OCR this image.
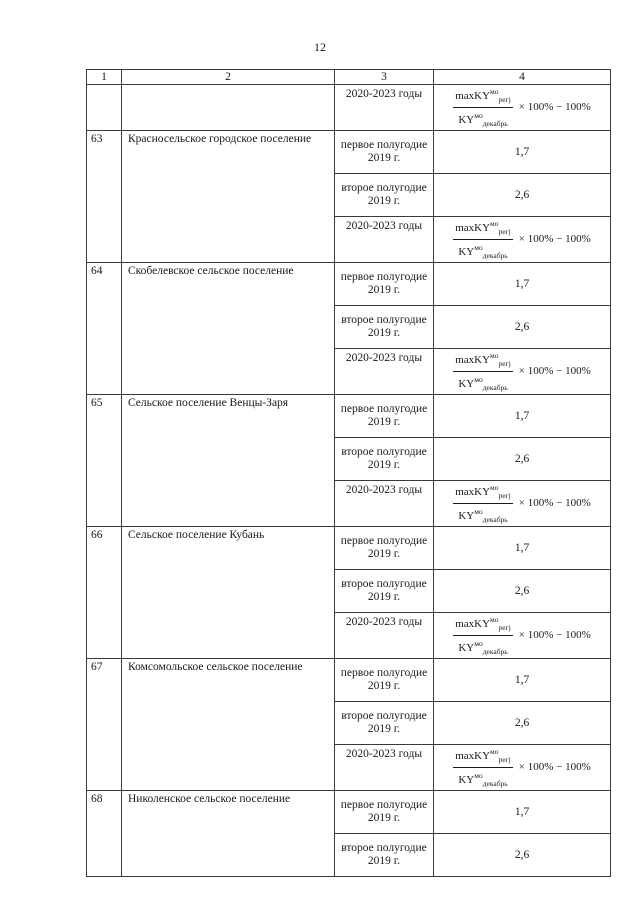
12
1	2	3	4
		2020-2023 годы	$\frac{maxKY^{мо}_{регj}}{KY^{мо}_{декабрь}} \times 100\% - 100\%$

63	Красносельское городское поселение	первое полугодие 2019 г.	1,7
		второе полугодие 2019 г.	2,6
		2020-2023 годы	$\frac{maxKY^{мо}_{регj}}{KY^{мо}_{декабрь}} \times 100\% - 100\%$

64	Скобелевское сельское поселение	первое полугодие 2019 г.	1,7
		второе полугодие 2019 г.	2,6
		2020-2023 годы	$\frac{maxKY^{мо}_{регj}}{KY^{мо}_{декабрь}} \times 100\% - 100\%$

65	Сельское поселение Венцы-Заря	первое полугодие 2019 г.	1,7
		второе полугодие 2019 г.	2,6
		2020-2023 годы	$\frac{maxKY^{мо}_{регj}}{KY^{мо}_{декабрь}} \times 100\% - 100\%$

66	Сельское поселение Кубань	первое полугодие 2019 г.	1,7
		второе полугодие 2019 г.	2,6
		2020-2023 годы	$\frac{maxKY^{мо}_{регj}}{KY^{мо}_{декабрь}} \times 100\% - 100\%$

67	Комсомольское сельское поселение	первое полугодие 2019 г.	1,7
		второе полугодие 2019 г.	2,6
		2020-2023 годы	$\frac{maxKY^{мо}_{регj}}{KY^{мо}_{декабрь}} \times 100\% - 100\%$

68	Николенское сельское поселение	первое полугодие 2019 г.	1,7
		второе полугодие 2019 г.	2,6
